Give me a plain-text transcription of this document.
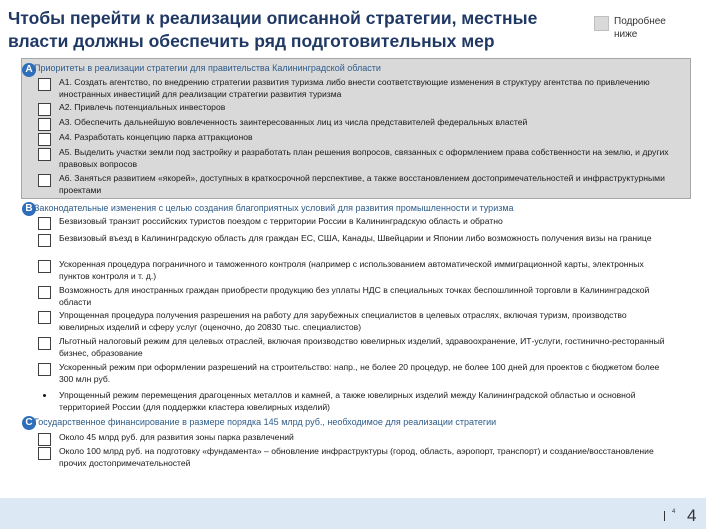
Чтобы перейти к реализации описанной стратегии, местные власти должны обеспечить ряд подготовительных мер
Подробнее
ниже
A Приоритеты в реализации стратегии для правительства Калининградской области
А1. Создать агентство, по внедрению стратегии развития туризма либо внести соответствующие изменения в структуру агентства по привлечению иностранных инвестиций для реализации стратегии развития туризма
А2. Привлечь потенциальных инвесторов
А3. Обеспечить дальнейшую вовлеченность заинтересованных лиц из числа представителей федеральных властей
А4. Разработать концепцию парка аттракционов
А5. Выделить участки земли под застройку и разработать план решения вопросов, связанных с оформлением права собственности на землю, и других правовых вопросов
А6. Заняться развитием «якорей», доступных в краткосрочной перспективе, а также восстановлением достопримечательностей и инфраструктурными проектами
B Законодательные изменения с целью создания благоприятных условий для развития промышленности и туризма
Безвизовый транзит российских туристов поездом с территории России в Калининградскую область и обратно
Безвизовый въезд в Калининградскую область для граждан ЕС, США, Канады, Швейцарии и Японии либо возможность получения визы на границе
Ускоренная процедура пограничного и таможенного контроля (например с использованием автоматической иммиграционной карты, электронных пунктов контроля и т. д.)
Возможность для иностранных граждан приобрести продукцию без уплаты НДС в специальных точках беспошлинной торговли в Калининградской области
Упрощенная процедура получения разрешения на работу для зарубежных специалистов в целевых отраслях, включая туризм, производство ювелирных изделий и сферу услуг (оценочно, до 20830 тыс. специалистов)
Льготный налоговый режим для целевых отраслей, включая производство ювелирных изделий, здравоохранение, ИТ-услуги, гостинично-ресторанный бизнес, образование
Ускоренный режим при оформлении разрешений на строительство: напр., не более 20 процедур, не более 100 дней для проектов с бюджетом более 300 млн руб.
Упрощенный режим перемещения драгоценных металлов и камней, а также ювелирных изделий между Калининградской областью и основной территорией России (для поддержки кластера ювелирных изделий)
C Государственное финансирование в размере порядка 145 млрд руб., необходимое для реализации стратегии
Около 45 млрд руб. для развития зоны парка развлечений
Около 100 млрд руб. на подготовку «фундамента» – обновление инфраструктуры (город, область, аэропорт, транспорт) и создание/восстановление прочих достопримечательностей
4 4
